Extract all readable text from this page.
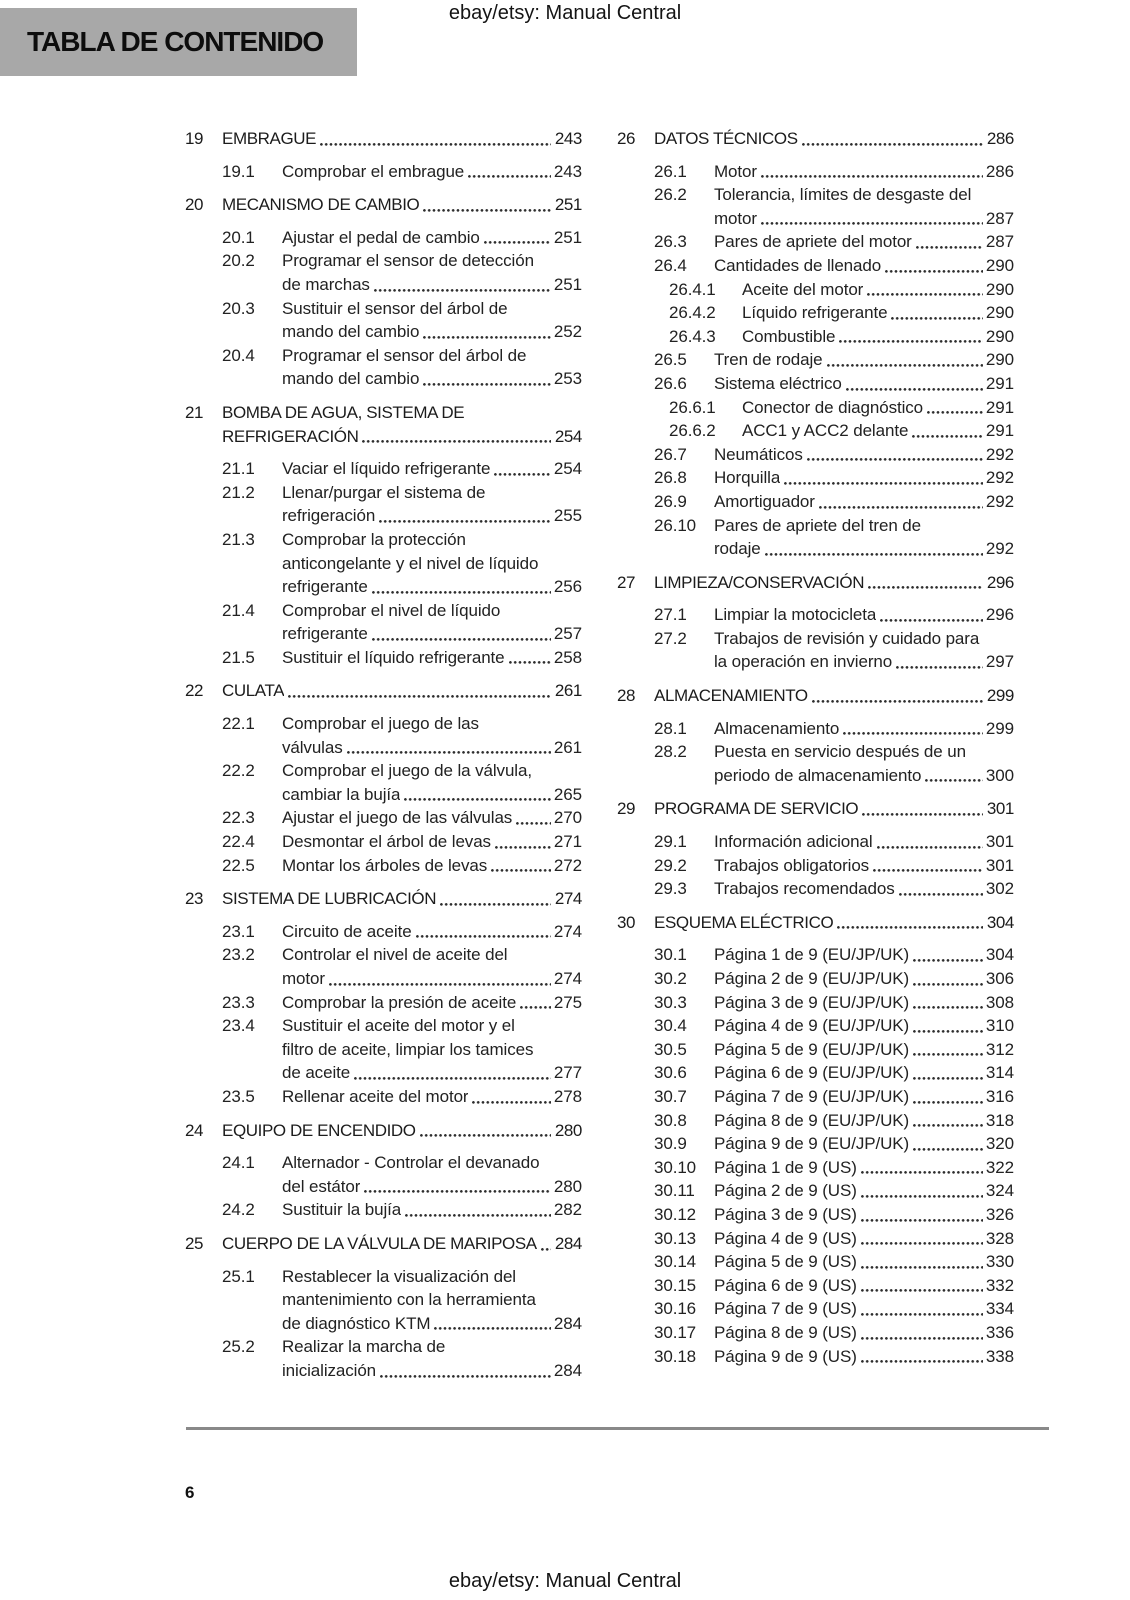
ebay/etsy: Manual Central
TABLA DE CONTENIDO
19	EMBRAGUE	243
19.1	Comprobar el embrague	243
20	MECANISMO DE CAMBIO	251
20.1	Ajustar el pedal de cambio	251
20.2	Programar el sensor de detección
de marchas	251
20.3	Sustituir el sensor del árbol de
mando del cambio	252
20.4	Programar el sensor del árbol de
mando del cambio	253
21	BOMBA DE AGUA, SISTEMA DE
REFRIGERACIÓN	254
21.1	Vaciar el líquido refrigerante	254
21.2	Llenar/purgar el sistema de
refrigeración	255
21.3	Comprobar la protección
anticongelante y el nivel de líquido
refrigerante	256
21.4	Comprobar el nivel de líquido
refrigerante	257
21.5	Sustituir el líquido refrigerante	258
22	CULATA	261
22.1	Comprobar el juego de las
válvulas	261
22.2	Comprobar el juego de la válvula,
cambiar la bujía	265
22.3	Ajustar el juego de las válvulas 270
22.4	Desmontar el árbol de levas	271
22.5	Montar los árboles de levas	272
23	SISTEMA DE LUBRICACIÓN	274
23.1	Circuito de aceite	274
23.2	Controlar el nivel de aceite del
motor	274
23.3	Comprobar la presión de aceite 275
23.4	Sustituir el aceite del motor y el
filtro de aceite, limpiar los tamices
de aceite	277
23.5	Rellenar aceite del motor	278
24	EQUIPO DE ENCENDIDO	280
24.1	Alternador - Controlar el devanado
del estátor	280
24.2	Sustituir la bujía	282
25	CUERPO DE LA VÁLVULA DE MARIPOSA 284
25.1	Restablecer la visualización del
mantenimiento con la herramienta
de diagnóstico KTM	284
25.2	Realizar la marcha de
inicialización	284
26	DATOS TÉCNICOS	286
26.1	Motor	286
26.2	Tolerancia, límites de desgaste del
motor	287
26.3	Pares de apriete del motor	287
26.4	Cantidades de llenado	290
26.4.1	Aceite del motor	290
26.4.2	Líquido refrigerante	290
26.4.3	Combustible	290
26.5	Tren de rodaje	290
26.6	Sistema eléctrico	291
26.6.1	Conector de diagnóstico	291
26.6.2	ACC1 y ACC2 delante	291
26.7	Neumáticos	292
26.8	Horquilla	292
26.9	Amortiguador	292
26.10	Pares de apriete del tren de
rodaje	292
27	LIMPIEZA/CONSERVACIÓN	296
27.1	Limpiar la motocicleta	296
27.2	Trabajos de revisión y cuidado para
la operación en invierno	297
28	ALMACENAMIENTO	299
28.1	Almacenamiento	299
28.2	Puesta en servicio después de un
periodo de almacenamiento	300
29	PROGRAMA DE SERVICIO	301
29.1	Información adicional	301
29.2	Trabajos obligatorios	301
29.3	Trabajos recomendados	302
30	ESQUEMA ELÉCTRICO	304
30.1	Página 1 de 9 (EU/JP/UK)	304
30.2	Página 2 de 9 (EU/JP/UK)	306
30.3	Página 3 de 9 (EU/JP/UK)	308
30.4	Página 4 de 9 (EU/JP/UK)	310
30.5	Página 5 de 9 (EU/JP/UK)	312
30.6	Página 6 de 9 (EU/JP/UK)	314
30.7	Página 7 de 9 (EU/JP/UK)	316
30.8	Página 8 de 9 (EU/JP/UK)	318
30.9	Página 9 de 9 (EU/JP/UK)	320
30.10	Página 1 de 9 (US)	322
30.11	Página 2 de 9 (US)	324
30.12	Página 3 de 9 (US)	326
30.13	Página 4 de 9 (US)	328
30.14	Página 5 de 9 (US)	330
30.15	Página 6 de 9 (US)	332
30.16	Página 7 de 9 (US)	334
30.17	Página 8 de 9 (US)	336
30.18	Página 9 de 9 (US)	338
6
ebay/etsy: Manual Central
